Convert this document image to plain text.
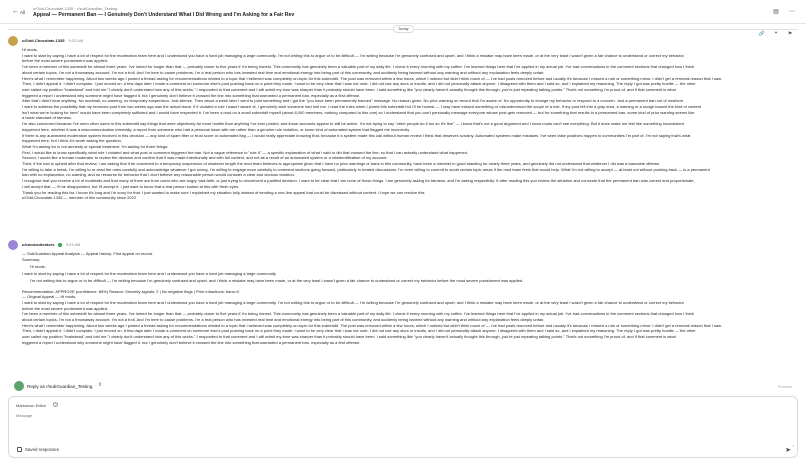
← All
u/Odd-Chocolate-1335 · r/subGuardian_Testing
Appeal — Permanent Ban — I Genuinely Don't Understand What I Did Wrong and I'm Asking for a Fair Rev	▤ ⋯
Today
u/Odd-Chocolate-1335 9:23 AM
🔗	❝	⚑

Hi mods,

I want to start by saying I have a lot of respect for the moderation team here and I understand you have a hard job managing a large community. I'm not writing this to argue or to be difficult — I'm writing because I'm genuinely confused and upset, and I think a mistake may have been made, or at the very least I wasn't given a fair chance to understand or correct my behavior

before the most severe punishment was applied.

I've been a member of this subreddit for almost three years. I've lurked for longer than that — probably closer to five years if I'm being honest. This community has genuinely been a valuable part of my daily life. I check it every morning with my coffee. I've learned things here that I've applied in my actual job. I've had conversations in the comment sections that changed how I think

about certain topics. I'm not a throwaway account. I'm not a troll. And I'm here to cause problems. I'm a real person who has invested real time and emotional energy into being part of this community, and suddenly being banned without any warning and without any explanation feels deeply unfair.

Here's what I remember happening. About two weeks ago I posted a thread asking for recommendations related to a topic that I believed was completely on-topic for this subreddit. The post was removed within a few hours, which I noticed but didn't think much of — I've had posts removed before and usually it's because I missed a rule or something minor. I didn't get a removal reason that I saw.

Then, I didn't appeal it. I didn't complain. I just moved on. A few days later I made a comment on someone else's post pushing back on a point they made. I want to be very clear that I was not rude. I did not use any slurs or insults, and I did not personally attack anyone. I disagreed with them and I said so, and I explained my reasoning. The reply I got was pretty hostile — the other

user called my position "braindead" and told me "I clearly don't understand how any of this works." I responded to that comment and I will admit my tone was sharper than it probably should have been. I said something like "you clearly haven't actually thought this through, you're just repeating talking points." That's not something I'm proud of, and if that comment is what

triggered a report I understand why someone might have flagged it, but I genuinely don't believe it crossed the line into something that warranted a permanent ban, especially as a first offense.

After that I didn't hear anything. No modmail, no warning, no temporary suspension. Just silence. Then about a week later I went to post something and I got the "you have been permanently banned" message. No reason given. No prior warning on record that I'm aware of. No opportunity to change my behavior or respond to a concern. Just a permanent ban out of nowhere.

I want to address the possibility that my removed post from two weeks ago was the actual issue. If it violated a rule I wasn't aware of, I genuinely wish someone had told me. I read the rules when I joined this subreddit but I'll be honest — I may have missed something or misunderstood the scope of a rule. If my post fell into a gray area, a warning or a nudge toward the kind of content

isn't what we're looking for here" would have been completely sufficient and I would have respected it. I've been a mod on a small subreddit myself (about 8,000 members, nothing compared to this one) so I understand that you can't personally message everyone whose post gets removed — but for something that results in a permanent ban, some kind of prior warning seems like

a basic standard of fairness.

I'm also concerned because I've seen other users in this subreddit say things that were objectively far more hostile than anything I've ever posted, and those accounts appear to still be active. I'm not trying to say "other people do it too so it's fine" — I know that's not a good argument and I know mods can't see everything. But it does make me feel like something inconsistent

happened here, whether it was a miscommunication internally, a report from someone who had a personal issue with me rather than a genuine rule violation, or some kind of automated system that flagged me incorrectly.

If there is any automated moderation system involved in this decision — any kind of spam filter or trust score or automated flag — I would really appreciate knowing that, because if a system made this call without human review I think that deserves scrutiny. Automated systems make mistakes. I've seen false positives happen in communities I'm part of. I'm not saying that's what

happened here, but I think it's worth asking the question.

What I'm asking for is not amnesty or special treatment. I'm asking for three things:

First, I would like to know specifically what rule I violated and what post or comment triggered the ban. Not a vague reference to "rule 4" — a specific explanation of what I said or did that crossed the line, so that I can actually understand what happened.

Second, I would like a human moderator to review the decision and confirm that it was made intentionally and with full context, and not as a result of an automated system or a misidentification of my account.

Third, if the ban is upheld after that review, I am asking that it be converted to a temporary suspension of whatever length the mod team believes is appropriate given that I have no prior warnings or bans in this community, have been a member in good standing for nearly three years, and genuinely did not understand that whatever I did was a bannable offense.

I'm willing to take a break. I'm willing to re-read the rules carefully and acknowledge whatever I got wrong. I'm willing to engage more carefully in comment sections going forward, particularly in heated discussions. I'm even willing to commit to avoid certain topic areas if the mod team feels that would help. What I'm not willing to accept — at least not without pushing back — is a permanent

ban with no explanation, no warning, and no recourse for behavior that I don't believe any reasonable person would consider a clear and obvious violation.

I recognize that you receive a lot of modmails and that many of them are from users who are angry, bad-faith, or just trying to circumvent a justified decision. I want to be clear that I am none of those things. I am genuinely asking for fairness, and I'm asking respectfully. If after reading this you review the situation and conclude that the permanent ban was correct and proportionate,

I will accept that — I'll be disappointed, but I'll accept it. I just want to know that a real person looked at this with fresh eyes.

Thank you for reading this far. I know it's long and I'm sorry for that. I just wanted to make sure I explained my situation fully instead of sending a one-line appeal that could be dismissed without context. I hope we can resolve this.

u/Odd-Chocolate-1335 — member of this community since 2022

u/someoderators	9:23 AM

— SubGuardian Appeal Analysis — Appeal history: First appeal on record

Summary:

• Hi mods,

I want to start by saying I have a lot of respect for the moderation team here and I understand you have a hard job managing a large community

• I'm not writing this to argue or to be difficult — I'm writing because I'm genuinely confused and upset, and I think a mistake may have been made, or at the very least I wasn't given a fair chance to understand or correct my behavior before the most severe punishment was applied.

Recommendation: APPROVE (confidence: 85%) Reason: Sincerity signals: 2 | No negative flags | Prior infractions: bans=0

— Original Appeal — Hi mods,

I want to start by saying I have a lot of respect for the moderation team here and I understand you have a hard job managing a large community. I'm not writing this to argue or to be difficult — I'm writing because I'm genuinely confused and upset, and I think a mistake may have been made, or at the very least I wasn't given a fair chance to understand or correct my behavior

before the most severe punishment was applied.

I've been a member of this subreddit for almost three years. I've lurked for longer than that — probably closer to five years if I'm being honest. This community has genuinely been a valuable part of my daily life. I check it every morning with my coffee. I've learned things here that I've applied in my actual job. I've had conversations in the comment sections that changed how I think

about certain topics. I'm not a throwaway account. I'm not a troll. And I'm here to cause problems. I'm a real person who has invested real time and emotional energy into being part of this community, and suddenly being banned without any warning and without any explanation feels deeply unfair.

Here's what I remember happening. About two weeks ago I posted a thread asking for recommendations related to a topic that I believed was completely on-topic for this subreddit. The post was removed within a few hours, which I noticed but didn't think much of — I've had posts removed before and usually it's because I missed a rule or something minor. I didn't get a removal reason that I saw.

Then, I didn't appeal it. I didn't complain. I just moved on. A few days later I made a comment on someone else's post pushing back on a point they made. I want to be very clear that I was not rude. I did not use any slurs or insults, and I did not personally attack anyone. I disagreed with them and I said so, and I explained my reasoning. The reply I got was pretty hostile — the other

user called my position "braindead" and told me "I clearly don't understand how any of this works." I responded to that comment and I will admit my tone was sharper than it probably should have been. I said something like "you clearly haven't actually thought this through, you're just repeating talking points." That's not something I'm proud of, and if that comment is what

triggered a report I understand why someone might have flagged it, but I genuinely don't believe it crossed the line into something that warranted a permanent ban, especially as a first offense.

Reply as r/subGuardian_Testing ⇕	Preview
Markdown Editor	?
Message
⌟
Saved responses	➤
